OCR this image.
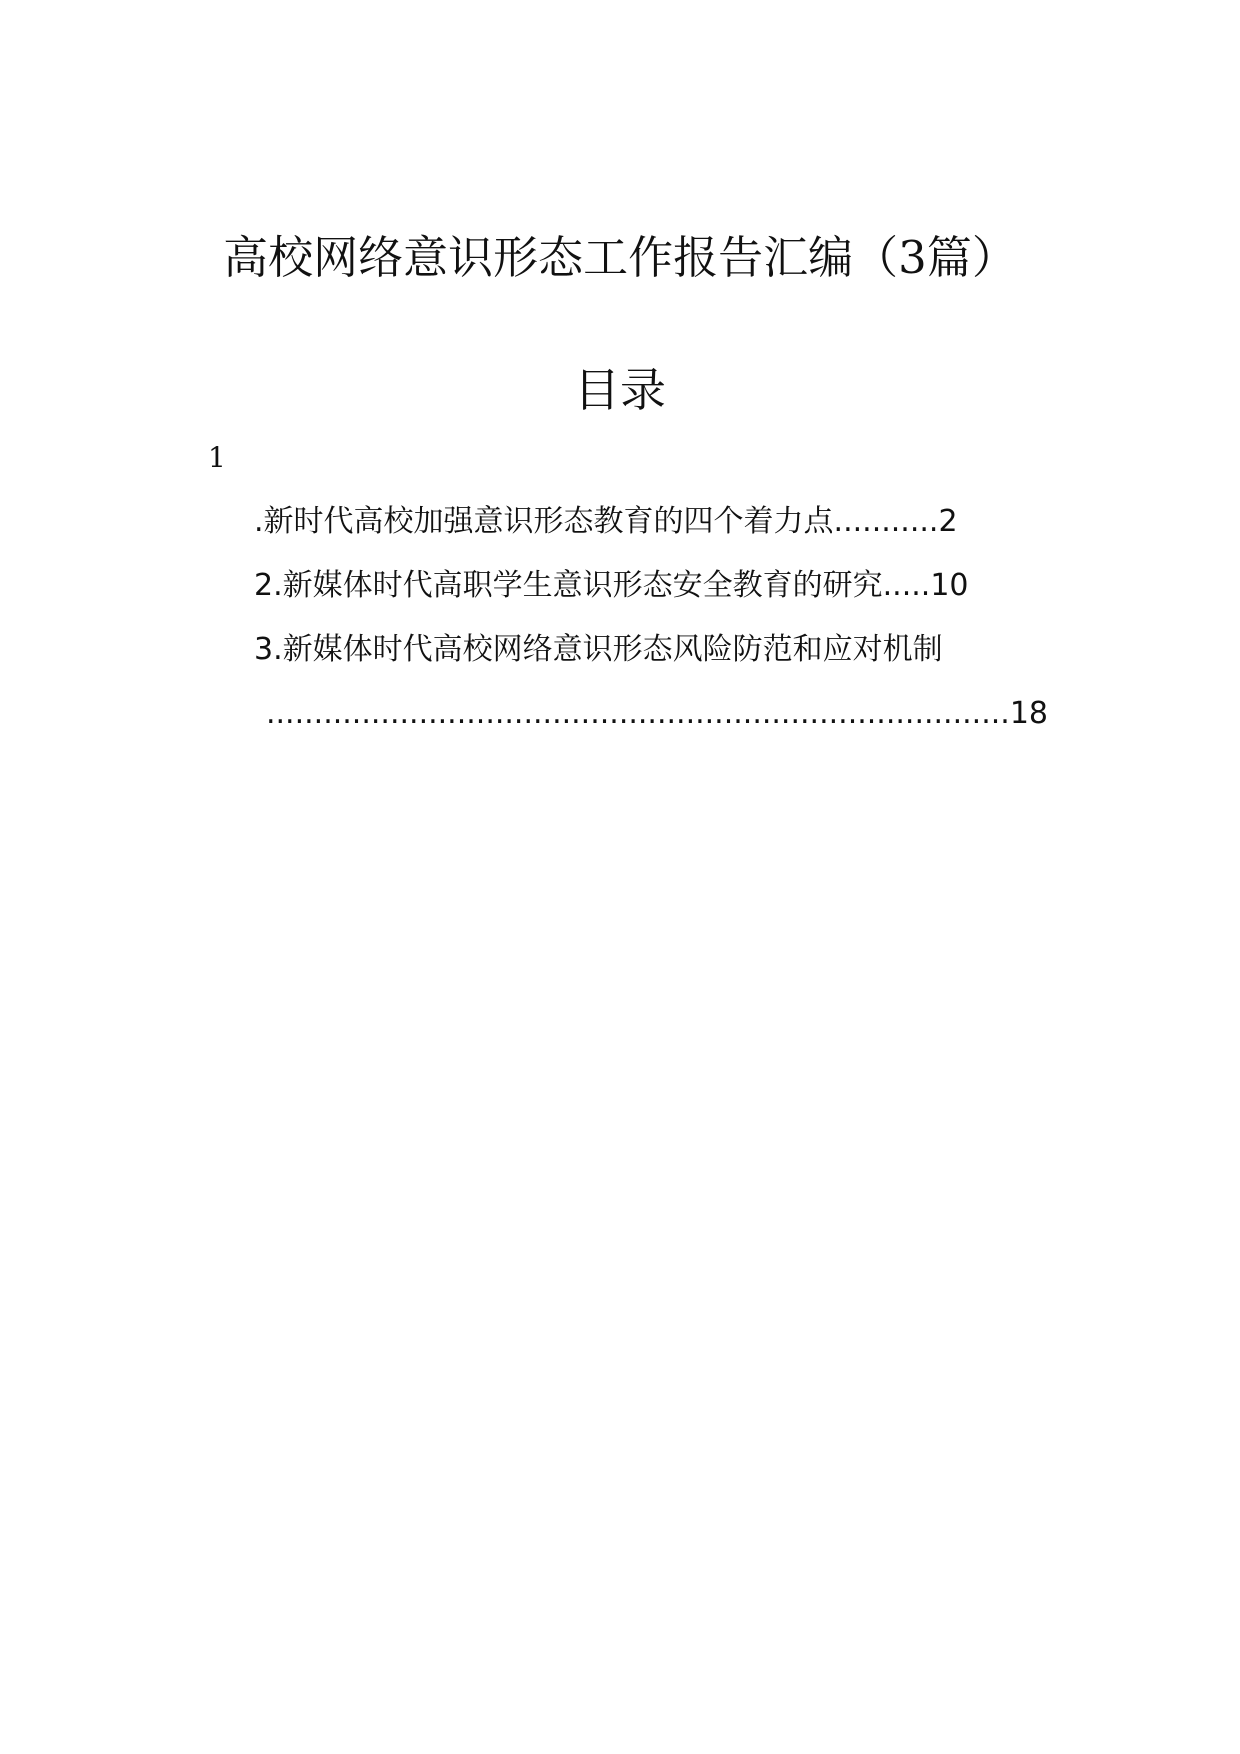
高校网络意识形态工作报告汇编（3篇）
目录
1
.新时代高校加强意识形态教育的四个着力点...........2
2.新媒体时代高职学生意识形态安全教育的研究.....10
3.新媒体时代高校网络意识形态风险防范和应对机制
..............................................................................18
